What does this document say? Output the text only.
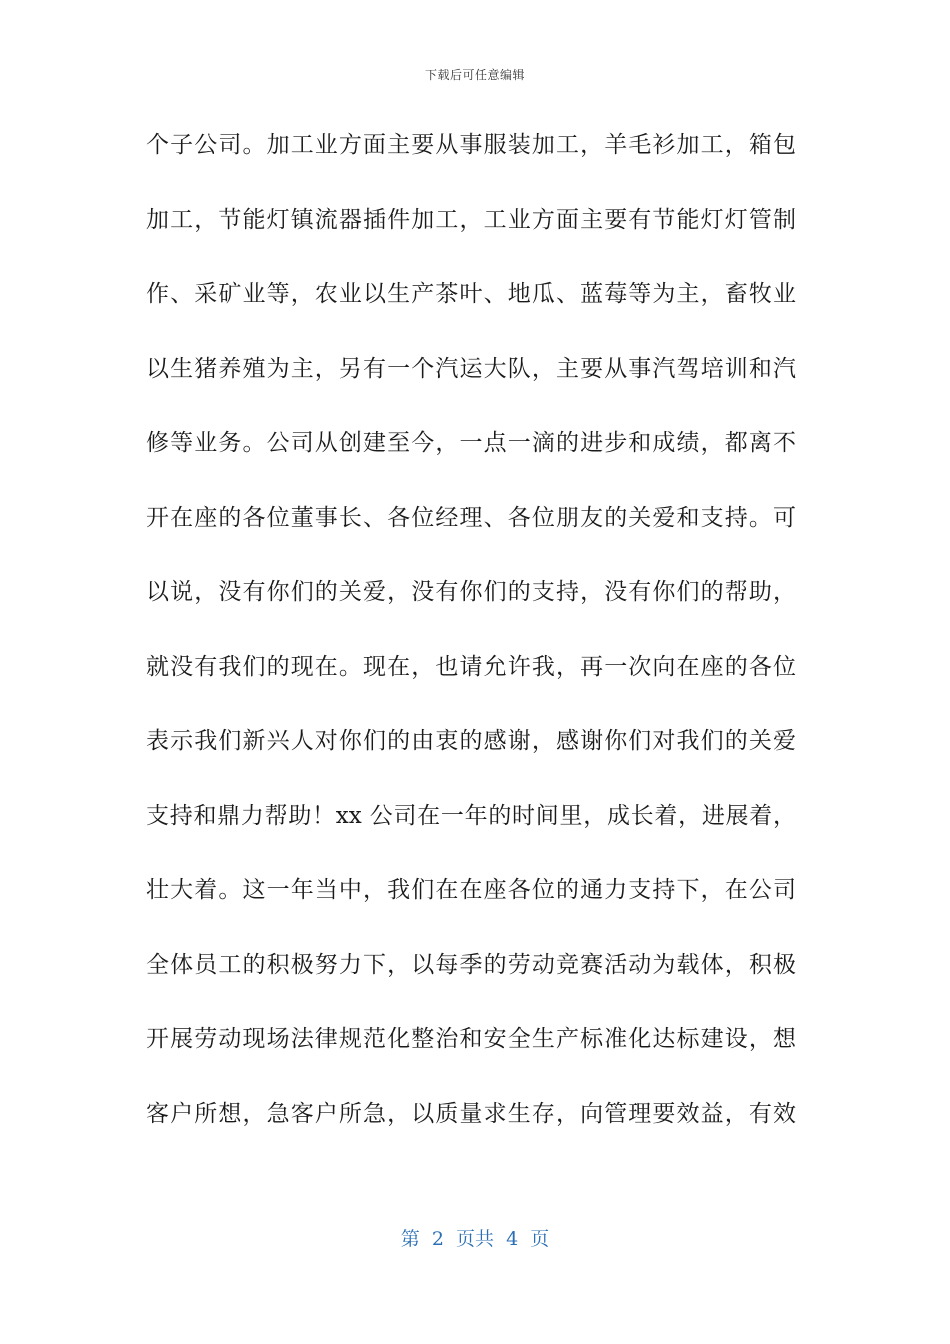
下载后可任意编辑
个子公司。加工业方面主要从事服装加工，羊毛衫加工，箱包
加工，节能灯镇流器插件加工，工业方面主要有节能灯灯管制
作、采矿业等，农业以生产茶叶、地瓜、蓝莓等为主，畜牧业
以生猪养殖为主，另有一个汽运大队，主要从事汽驾培训和汽
修等业务。公司从创建至今，一点一滴的进步和成绩，都离不
开在座的各位董事长、各位经理、各位朋友的关爱和支持。可
以说，没有你们的关爱，没有你们的支持，没有你们的帮助，
就没有我们的现在。现在，也请允许我，再一次向在座的各位
表示我们新兴人对你们的由衷的感谢，感谢你们对我们的关爱
支持和鼎力帮助！xx 公司在一年的时间里，成长着，进展着，
壮大着。这一年当中，我们在在座各位的通力支持下，在公司
全体员工的积极努力下，以每季的劳动竞赛活动为载体，积极
开展劳动现场法律规范化整治和安全生产标准化达标建设，想
客户所想，急客户所急，以质量求生存，向管理要效益，有效
第  2  页共  4  页
